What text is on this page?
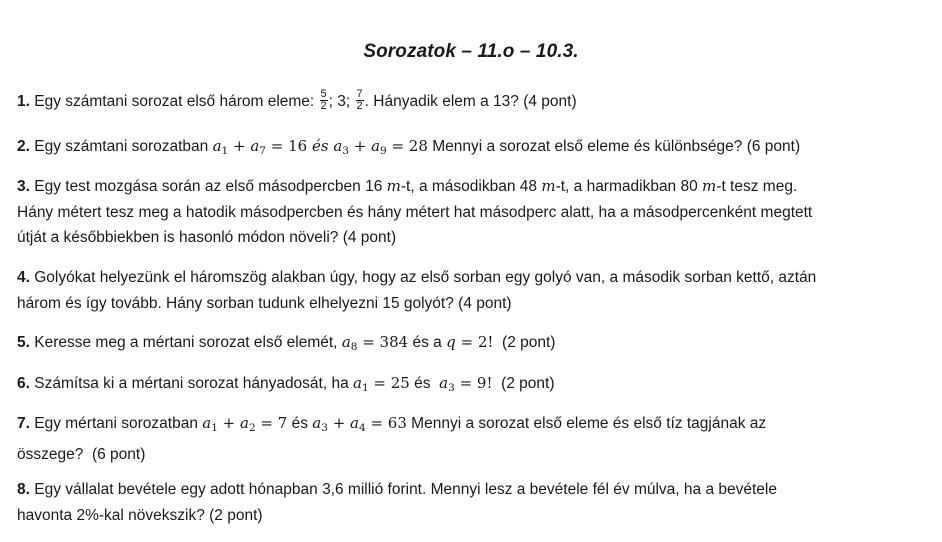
Sorozatok – 11.o – 10.3.
1. Egy számtani sorozat első három eleme: $\frac{5}{2}$ ; 3; $\frac{7}{2}$ . Hányadik elem a 13? (4 pont)
2. Egy számtani sorozatban $a_1 + a_7 = 16$ és $a_3 + a_9 = 28$ Mennyi a sorozat első eleme és különbsége? (6 pont)
3. Egy test mozgása során az első másodpercben 16 m-t, a másodikban 48 m-t, a harmadikban 80 m-t tesz meg.
Hány métert tesz meg a hatodik másodpercben és hány métert hat másodperc alatt, ha a másodpercenként megtett
útját a későbbiekben is hasonló módon növeli? (4 pont)
4. Golyókat helyezünk el háromszög alakban úgy, hogy az első sorban egy golyó van, a második sorban kettő, aztán
három és így tovább. Hány sorban tudunk elhelyezni 15 golyót? (4 pont)
5. Keresse meg a mértani sorozat első elemét, $a_8 = 384$ és a q = 2!  (2 pont)
6. Számítsa ki a mértani sorozat hányadosát, ha $a_1 = 25$ és  $a_3 = 9$!  (2 pont)
7. Egy mértani sorozatban $a_1 + a_2 = 7$ és $a_3 + a_4 = 63$ Mennyi a sorozat első eleme és első tíz tagjának az
összege?  (6 pont)
8. Egy vállalat bevétele egy adott hónapban 3,6 millió forint. Mennyi lesz a bevétele fél év múlva, ha a bevétele
havonta 2%-kal növekszik? (2 pont)
